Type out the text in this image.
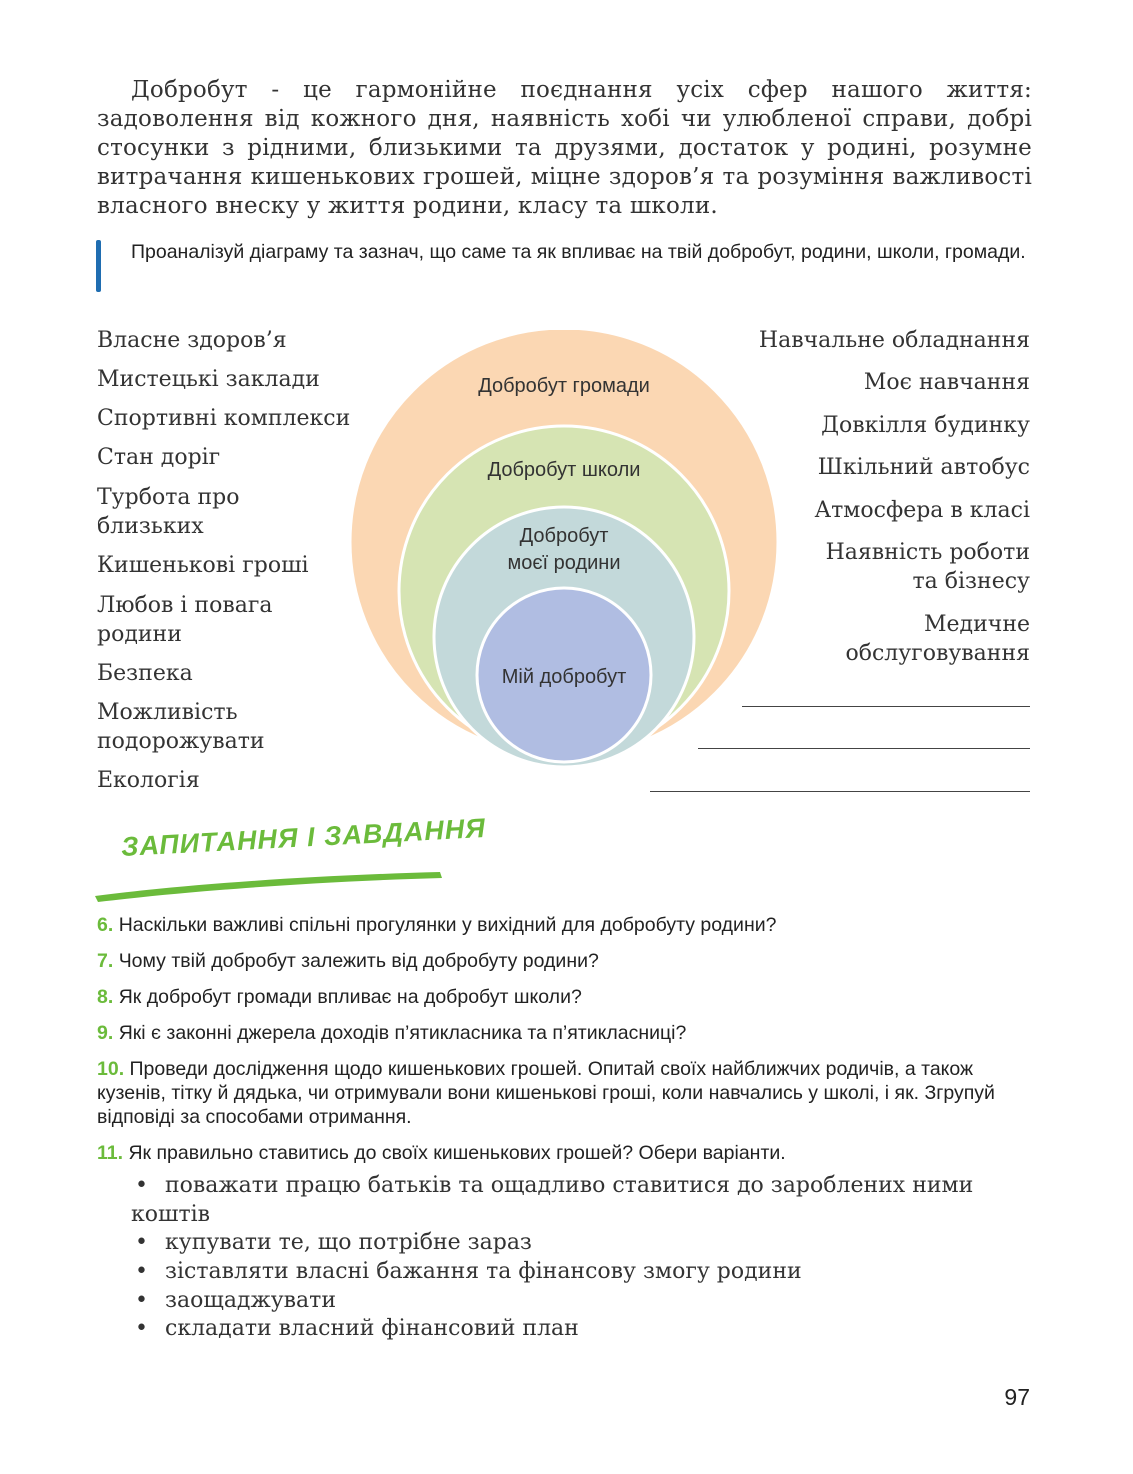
Добробут - це гармонійне поєднання усіх сфер нашого життя: задоволення від кожного дня, наявність хобі чи улюбленої справи, добрі стосунки з рідними, близькими та друзями, достаток у родині, розумне витрачання кишенькових грошей, міцне здоров’я та розуміння важливості власного внеску у життя родини, класу та школи.

Проаналізуй діаграму та зазнач, що саме та як впливає на твій добробут, родини, школи, громади.

Власне здоров’я
Мистецькі заклади
Спортивні комплекси
Стан доріг
Турбота про
близьких
Кишенькові гроші
Любов і повага
родини
Безпека
Можливість
подорожувати
Екологія
Навчальне обладнання
Моє навчання
Довкілля будинку
Шкільний автобус
Атмосфера в класі
Наявність роботи
та бізнесу
Медичне
обслуговування
Добробут громади
Добробут школи
Добробут
моєї родини
Мій добробут
ЗАПИТАННЯ І ЗАВДАННЯ
6. Наскільки важливі спільні прогулянки у вихідний для добробуту родини?
7. Чому твій добробут залежить від добробуту родини?
8. Як добробут громади впливає на добробут школи?
9. Які є законні джерела доходів п’ятикласника та п’ятикласниці?
10. Проведи дослідження щодо кишенькових грошей. Опитай своїх найближчих родичів, а також кузенів, тітку й дядька, чи отримували вони кишенькові гроші, коли навчались у школі, і як. Згрупуй відповіді за способами отримання.
11. Як правильно ставитись до своїх кишенькових грошей? Обери варіанти.
• поважати працю батьків та ощадливо ставитися до зароблених ними коштів
• купувати те, що потрібне зараз
• зіставляти власні бажання та фінансову змогу родини
• заощаджувати
• складати власний фінансовий план
97
